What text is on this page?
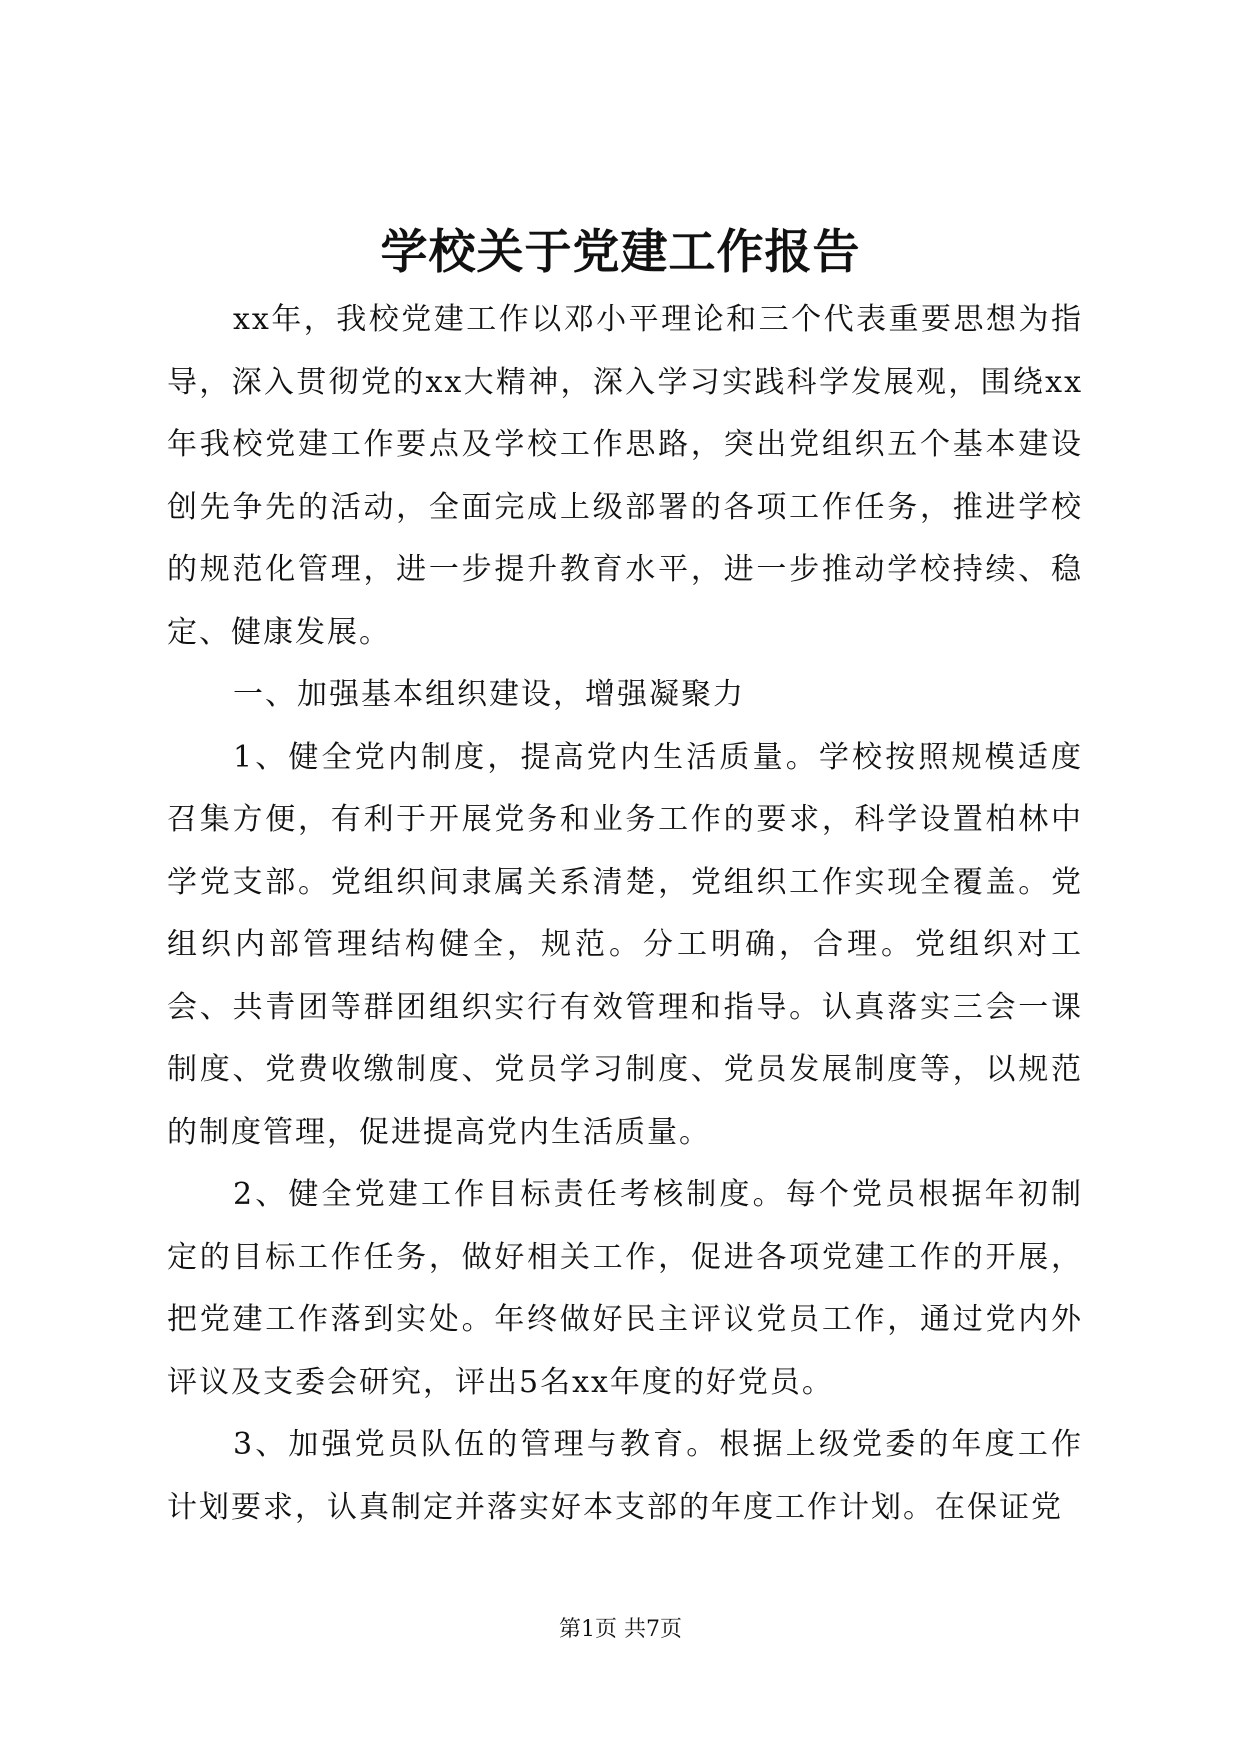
学校关于党建工作报告

xx年，我校党建工作以邓小平理论和三个代表重要思想为指导，深入贯彻党的xx大精神，深入学习实践科学发展观，围绕xx年我校党建工作要点及学校工作思路，突出党组织五个基本建设创先争先的活动，全面完成上级部署的各项工作任务，推进学校的规范化管理，进一步提升教育水平，进一步推动学校持续、稳定、健康发展。

一、加强基本组织建设，增强凝聚力

1、健全党内制度，提高党内生活质量。学校按照规模适度召集方便，有利于开展党务和业务工作的要求，科学设置柏林中学党支部。党组织间隶属关系清楚，党组织工作实现全覆盖。党组织内部管理结构健全，规范。分工明确，合理。党组织对工会、共青团等群团组织实行有效管理和指导。认真落实三会一课制度、党费收缴制度、党员学习制度、党员发展制度等，以规范的制度管理，促进提高党内生活质量。

2、健全党建工作目标责任考核制度。每个党员根据年初制定的目标工作任务，做好相关工作，促进各项党建工作的开展，把党建工作落到实处。年终做好民主评议党员工作，通过党内外评议及支委会研究，评出5名xx年度的好党员。

3、加强党员队伍的管理与教育。根据上级党委的年度工作计划要求，认真制定并落实好本支部的年度工作计划。在保证党

第1页 共7页
